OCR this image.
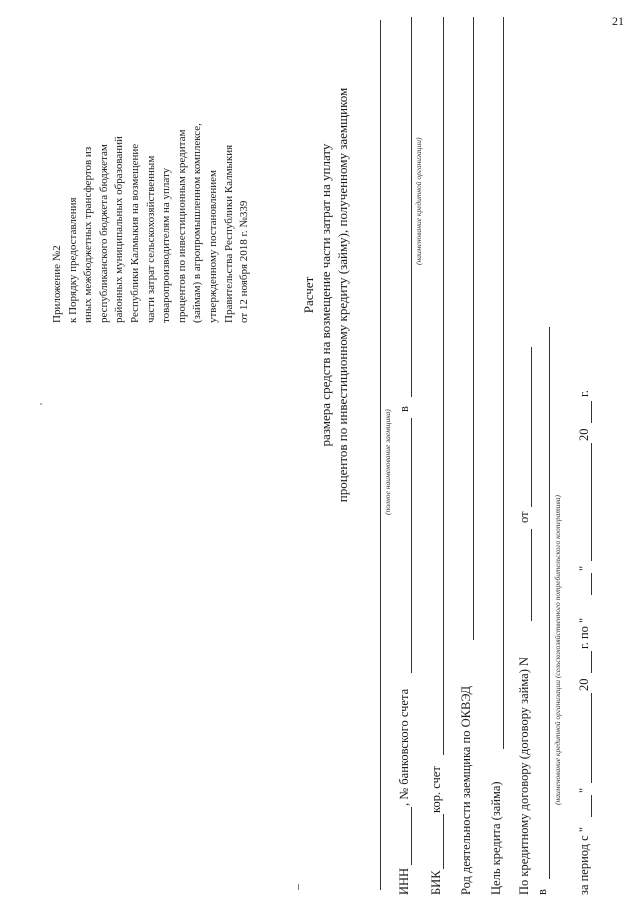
21
Приложение №2 к Порядку предоставления иных межбюджетных трансфертов из республиканского бюджета бюджетам районных муниципальных образований Республики Калмыкия на возмещение части затрат сельскохозяйственным товаропроизводителям на уплату процентов по инвестиционным кредитам (займам) в агропромышленном комплексе, утвержденному постановлением Правительства Республики Калмыкия от 12 ноября 2018 г. №339	Расчет размера средств на возмещение части затрат на уплату процентов по инвестиционному кредиту (займу), полученному заемщиком	(полное наименование заемщика)
ИНН
, № банковского счета
в
(наименование кредитной организации)
БИК
кор. счет Род деятельности заемщика по ОКВЭД Цель кредита (займа) По кредитному договору (договору займа) N
от
в
(наименование кредитной организации (сельскохозяйственного потребительского кооператива)
за период с "
"
20
г. по "
"
20
г.
